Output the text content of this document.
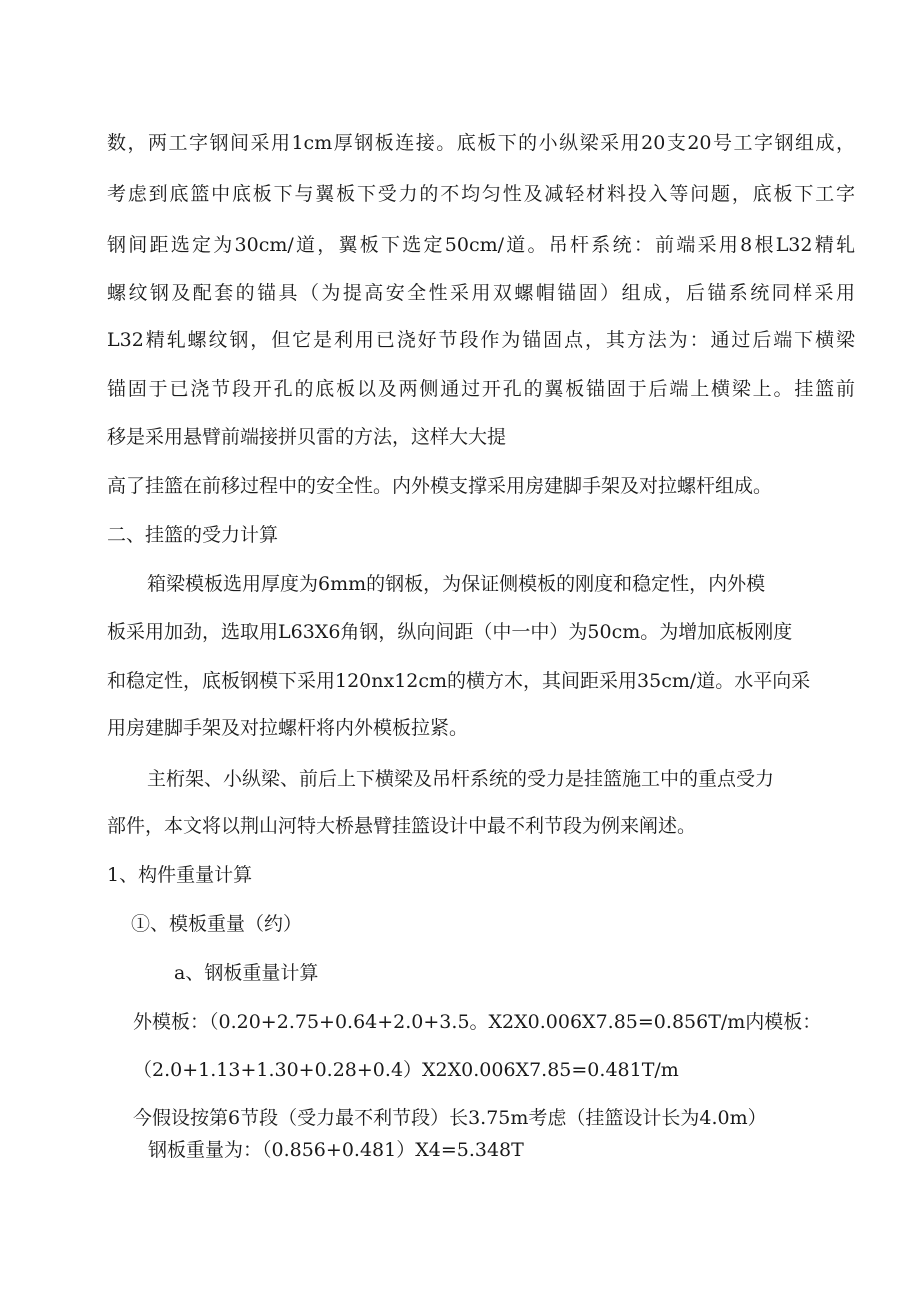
数，两工字钢间采用1cm厚钢板连接。底板下的小纵梁采用20支20号工字钢组成，
考虑到底篮中底板下与翼板下受力的不均匀性及减轻材料投入等问题，底板下工字
钢间距选定为30cm/道，翼板下选定50cm/道。吊杆系统：前端采用8根L32精轧
螺纹钢及配套的锚具（为提高安全性采用双螺帽锚固）组成，后锚系统同样采用
L32精轧螺纹钢，但它是利用已浇好节段作为锚固点，其方法为：通过后端下横梁
锚固于已浇节段开孔的底板以及两侧通过开孔的翼板锚固于后端上横梁上。挂篮前
移是采用悬臂前端接拼贝雷的方法，这样大大提
高了挂篮在前移过程中的安全性。内外模支撑采用房建脚手架及对拉螺杆组成。
二、挂篮的受力计算
箱梁模板选用厚度为6mm的钢板，为保证侧模板的刚度和稳定性，内外模
板采用加劲，选取用L63X6角钢，纵向间距（中一中）为50cm。为增加底板刚度
和稳定性，底板钢模下采用120nx12cm的横方木，其间距采用35cm/道。水平向采
用房建脚手架及对拉螺杆将内外模板拉紧。
主桁架、小纵梁、前后上下横梁及吊杆系统的受力是挂篮施工中的重点受力
部件，本文将以荆山河特大桥悬臂挂篮设计中最不利节段为例来阐述。
1、构件重量计算
①、模板重量（约）
a、钢板重量计算
外模板：（0.20+2.75+0.64+2.0+3.5。X2X0.006X7.85=0.856T/m内模板：
（2.0+1.13+1.30+0.28+0.4）X2X0.006X7.85=0.481T/m
今假设按第6节段（受力最不利节段）长3.75m考虑（挂篮设计长为4.0m）
钢板重量为：（0.856+0.481）X4=5.348T
